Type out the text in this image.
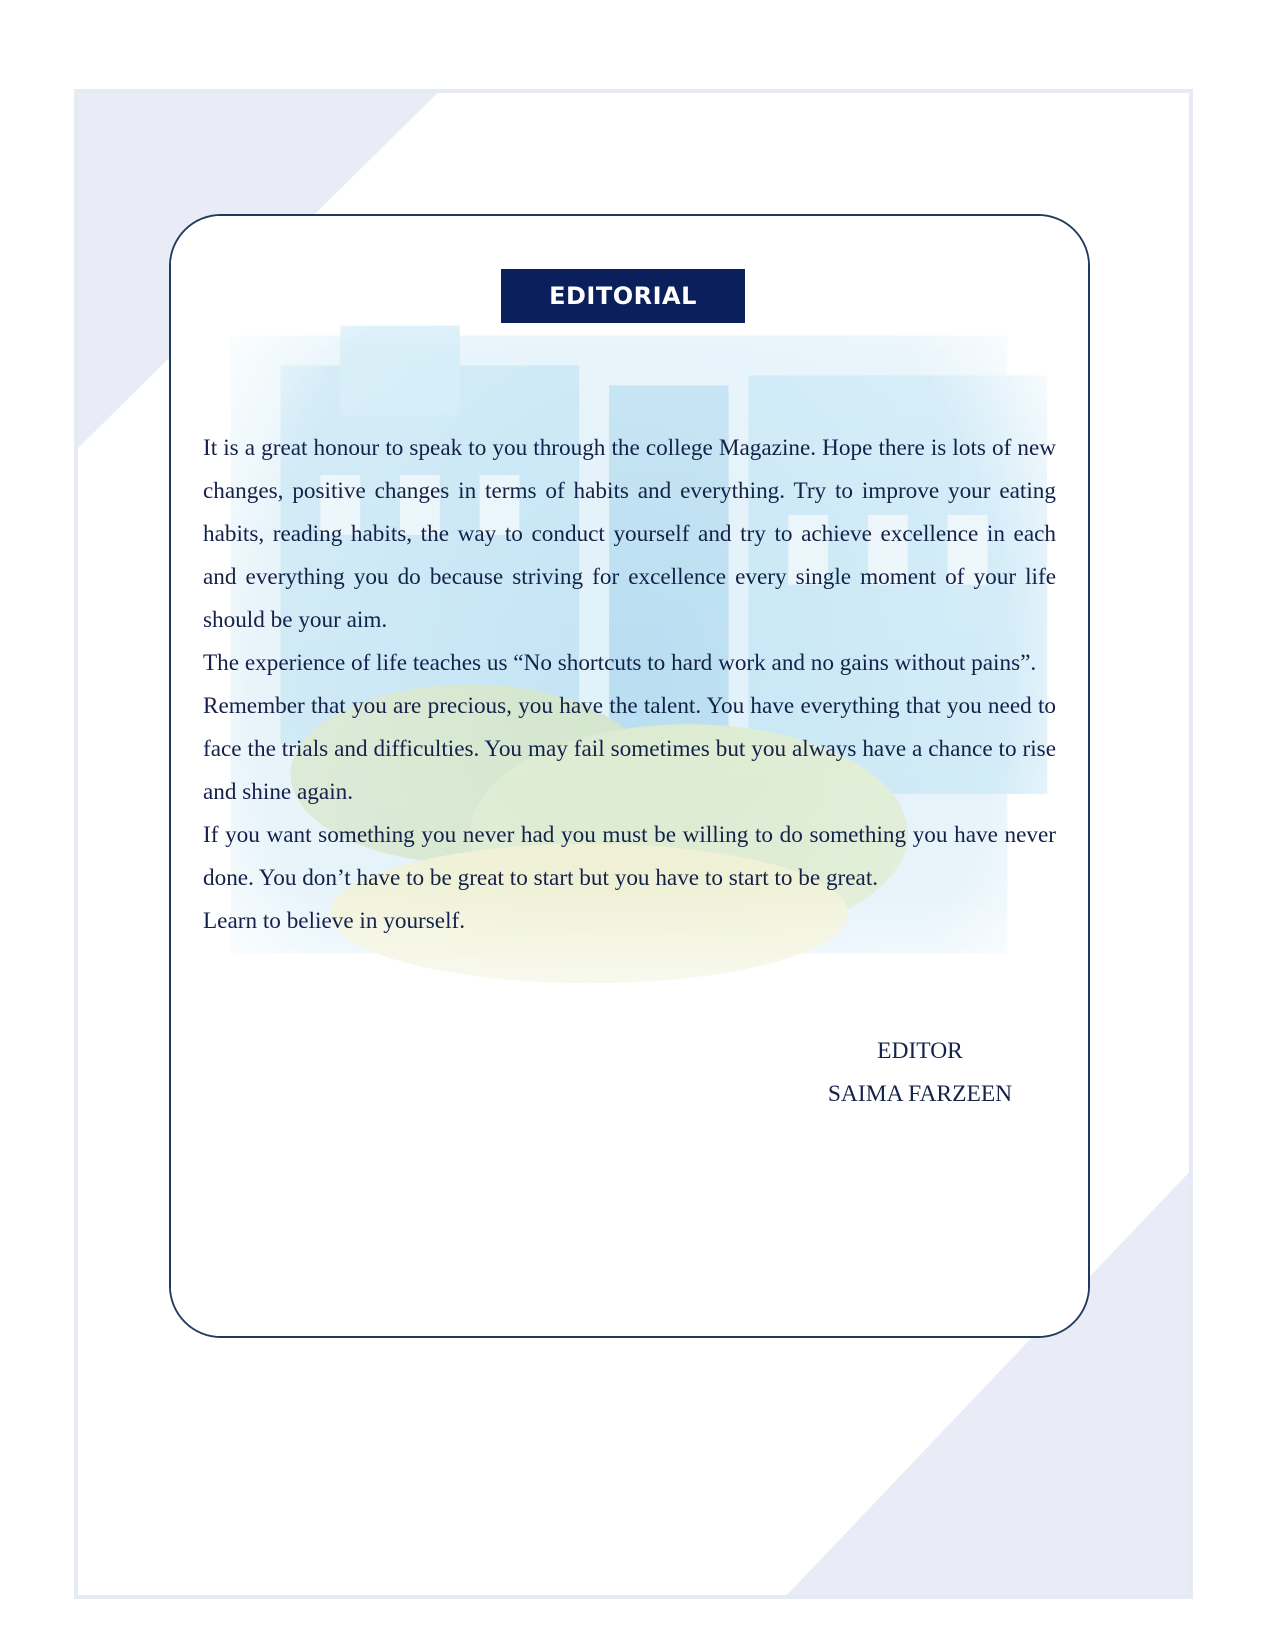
EDITORIAL

It is a great honour to speak to you through the college Magazine. Hope there is lots of new changes, positive changes in terms of habits and everything. Try to improve your eating habits, reading habits, the way to conduct yourself and try to achieve excellence in each and everything you do because striving for excellence every single moment of your life should be your aim.

The experience of life teaches us “No shortcuts to hard work and no gains without pains”.

Remember that you are precious, you have the talent. You have everything that you need to face the trials and difficulties. You may fail sometimes but you always have a chance to rise and shine again.

If you want something you never had you must be willing to do something you have never done. You don’t have to be great to start but you have to start to be great.

Learn to believe in yourself.

EDITOR
SAIMA FARZEEN
